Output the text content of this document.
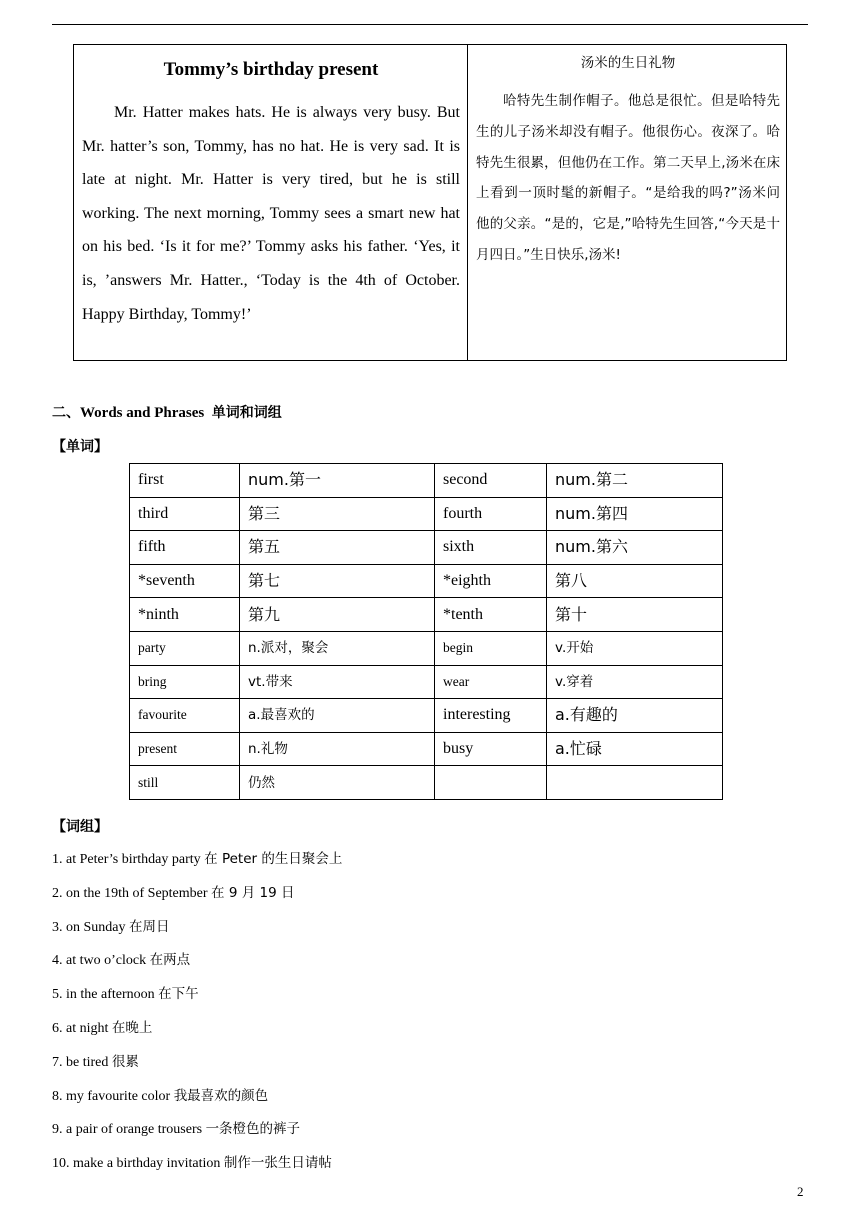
Tommy’s birthday present
Mr. Hatter makes hats. He is always very busy. But Mr. hatter’s son, Tommy, has no hat. He is very sad. It is late at night. Mr. Hatter is very tired, but he is still working. The next morning, Tommy sees a smart new hat on his bed. ‘Is it for me?’ Tommy asks his father. ‘Yes, it is, ’answers Mr. Hatter., ‘Today is the 4th of October. Happy Birthday, Tommy!’

汤米的生日礼物
哈特先生制作帽子。他总是很忙。但是哈特先生的儿子汤米却没有帽子。他很伤心。夜深了。哈特先生很累，但他仍在工作。第二天早上,汤米在床上看到一顶时髦的新帽子。“是给我的吗?”汤米问他的父亲。“是的，它是,”哈特先生回答,“今天是十月四日。”生日快乐,汤米!
二、Words and Phrases 单词和词组
【单词】
first	num.第一	second	num.第二
third	第三	fourth	num.第四
fifth	第五	sixth	num.第六
*seventh	第七	*eighth	第八
*ninth	第九	*tenth	第十
party	n.派对，聚会	begin	v.开始
bring	vt.带来	wear	v.穿着
favourite	a.最喜欢的	interesting	a.有趣的
present	n.礼物	busy	a.忙碌
still	仍然		
【词组】
1. at Peter’s birthday party 在 Peter 的生日聚会上
2. on the 19th of September 在 9 月 19 日
3. on Sunday 在周日
4. at two o’clock 在两点
5. in the afternoon 在下午
6. at night 在晚上
7. be tired 很累
8. my favourite color 我最喜欢的颜色
9. a pair of orange trousers 一条橙色的裤子
10. make a birthday invitation 制作一张生日请帖
2
